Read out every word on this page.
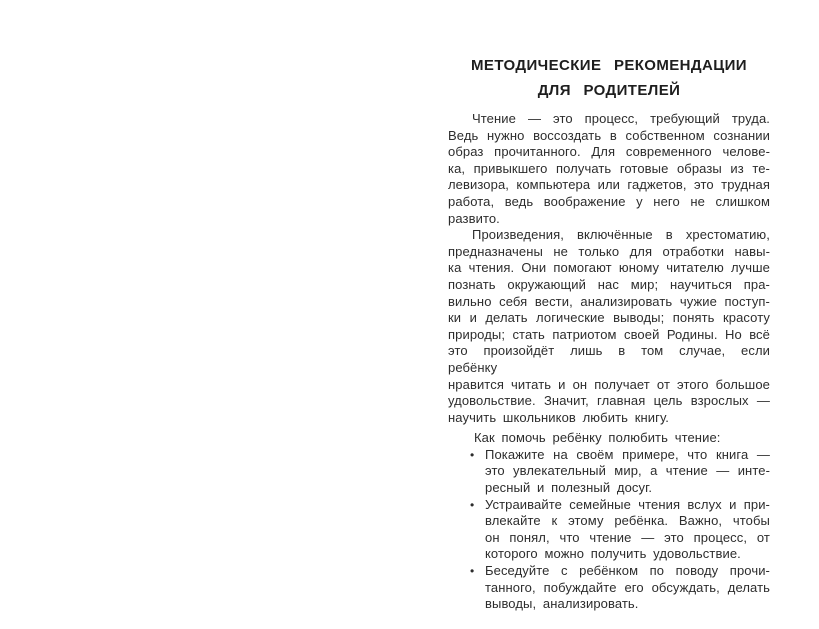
МЕТОДИЧЕСКИЕ РЕКОМЕНДАЦИИ
ДЛЯ РОДИТЕЛЕЙ
Чтение — это процесс, требующий труда.
Ведь нужно воссоздать в собственном сознании
образ прочитанного. Для современного челове-
ка, привыкшего получать готовые образы из те-
левизора, компьютера или гаджетов, это трудная
работа, ведь воображение у него не слишком
развито.
Произведения, включённые в хрестоматию,
предназначены не только для отработки навы-
ка чтения. Они помогают юному читателю лучше
познать окружающий нас мир; научиться пра-
вильно себя вести, анализировать чужие поступ-
ки и делать логические выводы; понять красоту
природы; стать патриотом своей Родины. Но всё
это произойдёт лишь в том случае, если ребёнку
нравится читать и он получает от этого большое
удовольствие. Значит, главная цель взрослых —
научить школьников любить книгу.
Как помочь ребёнку полюбить чтение:
• Покажите на своём примере, что книга —
это увлекательный мир, а чтение — инте-
ресный и полезный досуг.
• Устраивайте семейные чтения вслух и при-
влекайте к этому ребёнка. Важно, чтобы
он понял, что чтение — это процесс, от
которого можно получить удовольствие.
• Беседуйте с ребёнком по поводу прочи-
танного, побуждайте его обсуждать, делать
выводы, анализировать.
